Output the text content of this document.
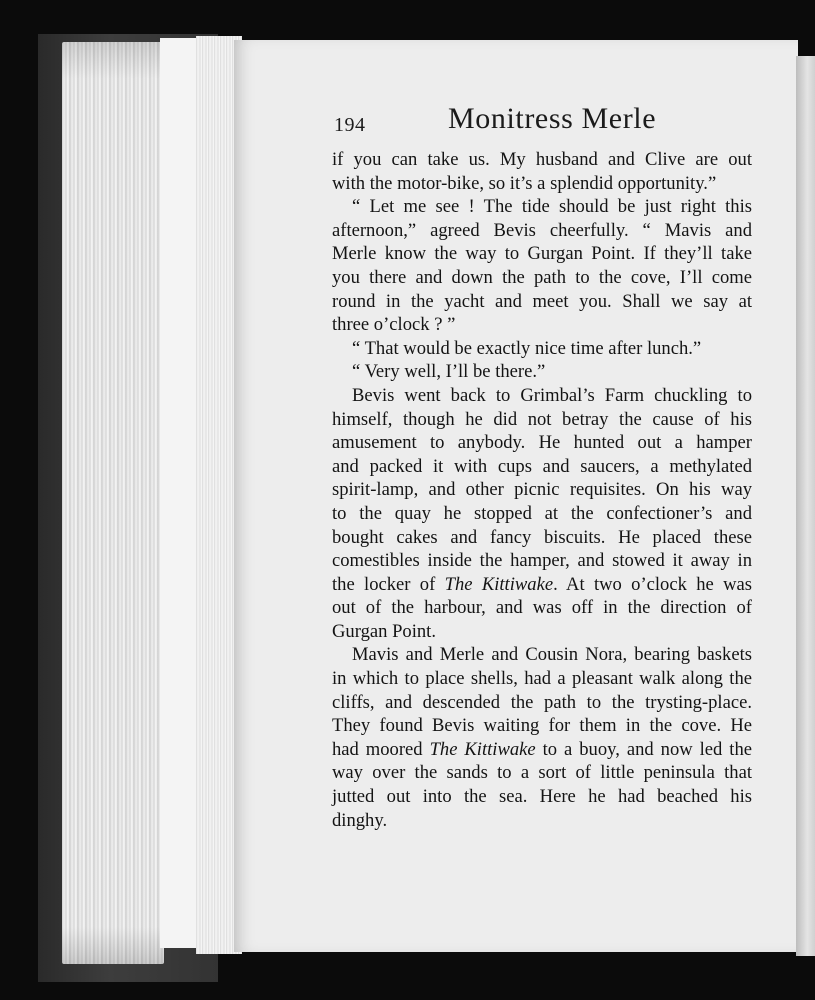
194	Monitress Merle
if you can take us. My husband and Clive are out
with the motor-bike, so it’s a splendid opportunity.”
“ Let me see ! The tide should be just right this
afternoon,” agreed Bevis cheerfully. “ Mavis and
Merle know the way to Gurgan Point. If they’ll take
you there and down the path to the cove, I’ll come
round in the yacht and meet you. Shall we say at
three o’clock ? ”
“ That would be exactly nice time after lunch.”
“ Very well, I’ll be there.”
Bevis went back to Grimbal’s Farm chuckling to
himself, though he did not betray the cause of his
amusement to anybody. He hunted out a hamper
and packed it with cups and saucers, a methylated
spirit-lamp, and other picnic requisites. On his way
to the quay he stopped at the confectioner’s and
bought cakes and fancy biscuits. He placed these
comestibles inside the hamper, and stowed it away in
the locker of The Kittiwake. At two o’clock he was
out of the harbour, and was off in the direction of
Gurgan Point.
Mavis and Merle and Cousin Nora, bearing baskets
in which to place shells, had a pleasant walk along the
cliffs, and descended the path to the trysting-place.
They found Bevis waiting for them in the cove. He
had moored The Kittiwake to a buoy, and now led the
way over the sands to a sort of little peninsula that
jutted out into the sea. Here he had beached his
dinghy.
